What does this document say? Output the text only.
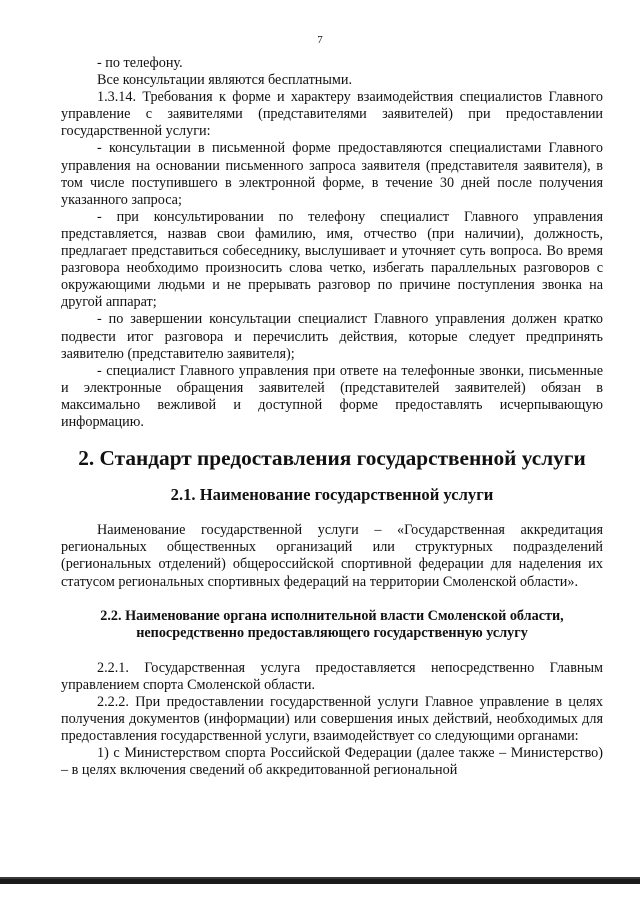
7

- по телефону.

Все консультации являются бесплатными.

1.3.14. Требования к форме и характеру взаимодействия специалистов Главного управление с заявителями (представителями заявителей) при предоставлении государственной услуги:

- консультации в письменной форме предоставляются специалистами Главного управления на основании письменного запроса заявителя (представителя заявителя), в том числе поступившего в электронной форме, в течение 30 дней после получения указанного запроса;

- при консультировании по телефону специалист Главного управления представляется, назвав свои фамилию, имя, отчество (при наличии), должность, предлагает представиться собеседнику, выслушивает и уточняет суть вопроса. Во время разговора необходимо произносить слова четко, избегать параллельных разговоров с окружающими людьми и не прерывать разговор по причине поступления звонка на другой аппарат;

- по завершении консультации специалист Главного управления должен кратко подвести итог разговора и перечислить действия, которые следует предпринять заявителю (представителю заявителя);

- специалист Главного управления при ответе на телефонные звонки, письменные и электронные обращения заявителей (представителей заявителей) обязан в максимально вежливой и доступной форме предоставлять исчерпывающую информацию.

2. Стандарт предоставления государственной услуги
2.1. Наименование государственной услуги

Наименование государственной услуги – «Государственная аккредитация региональных общественных организаций или структурных подразделений (региональных отделений) общероссийской спортивной федерации для наделения их статусом региональных спортивных федераций на территории Смоленской области».

2.2. Наименование органа исполнительной власти Смоленской области,
непосредственно предоставляющего государственную услугу

2.2.1. Государственная услуга предоставляется непосредственно Главным управлением спорта Смоленской области.

2.2.2. При предоставлении государственной услуги Главное управление в целях получения документов (информации) или совершения иных действий, необходимых для предоставления государственной услуги, взаимодействует со следующими органами:

1) с Министерством спорта Российской Федерации (далее также – Министерство) – в целях включения сведений об аккредитованной региональной
